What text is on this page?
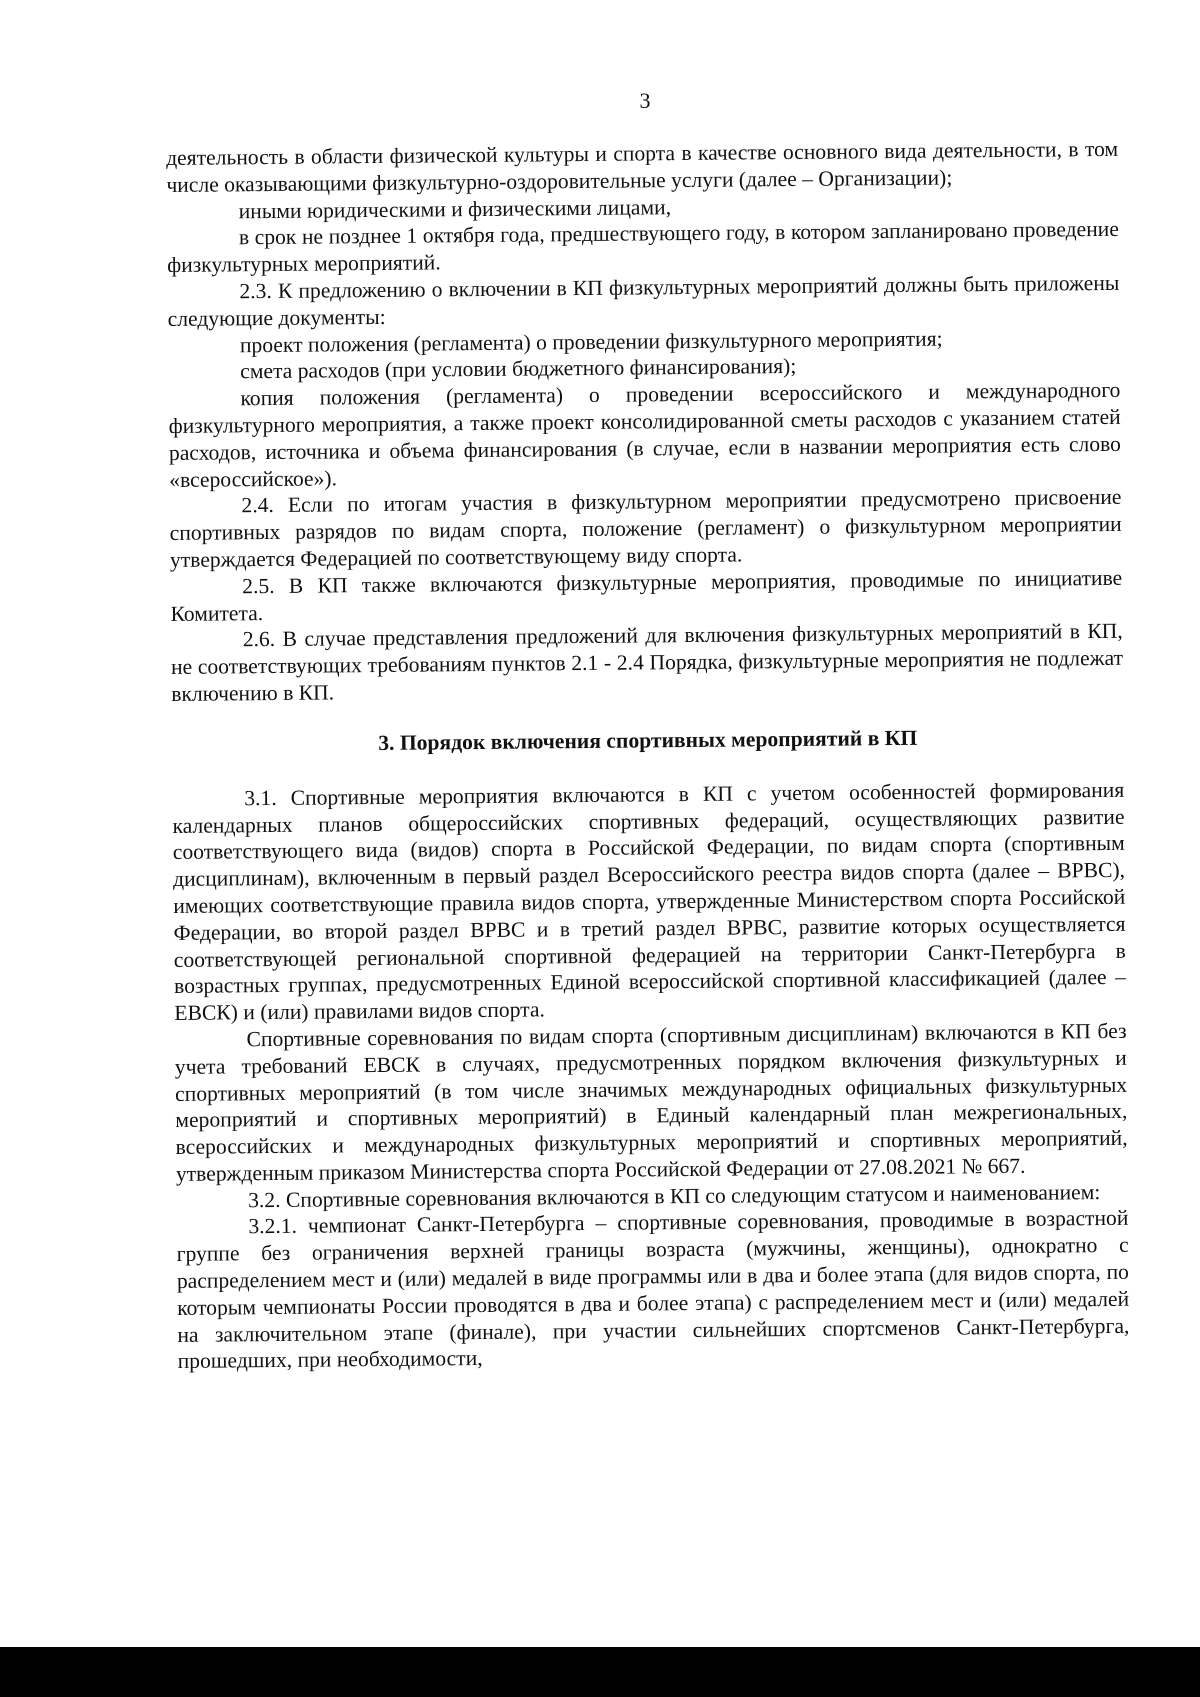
3

деятельность в области физической культуры и спорта в качестве основного вида деятельности, в том числе оказывающими физкультурно-оздоровительные услуги (далее – Организации);

иными юридическими и физическими лицами,

в срок не позднее 1 октября года, предшествующего году, в котором запланировано проведение физкультурных мероприятий.

2.3. К предложению о включении в КП физкультурных мероприятий должны быть приложены следующие документы:

проект положения (регламента) о проведении физкультурного мероприятия;

смета расходов (при условии бюджетного финансирования);

копия положения (регламента) о проведении всероссийского и международного физкультурного мероприятия, а также проект консолидированной сметы расходов с указанием статей расходов, источника и объема финансирования (в случае, если в названии мероприятия есть слово «всероссийское»).

2.4. Если по итогам участия в физкультурном мероприятии предусмотрено присвоение спортивных разрядов по видам спорта, положение (регламент) о физкультурном мероприятии утверждается Федерацией по соответствующему виду спорта.

2.5. В КП также включаются физкультурные мероприятия, проводимые по инициативе Комитета.

2.6. В случае представления предложений для включения физкультурных мероприятий в КП, не соответствующих требованиям пунктов 2.1 - 2.4 Порядка, физкультурные мероприятия не подлежат включению в КП.

3. Порядок включения спортивных мероприятий в КП

3.1. Спортивные мероприятия включаются в КП с учетом особенностей формирования календарных планов общероссийских спортивных федераций, осуществляющих развитие соответствующего вида (видов) спорта в Российской Федерации, по видам спорта (спортивным дисциплинам), включенным в первый раздел Всероссийского реестра видов спорта (далее – ВРВС), имеющих соответствующие правила видов спорта, утвержденные Министерством спорта Российской Федерации, во второй раздел ВРВС и в третий раздел ВРВС, развитие которых осуществляется соответствующей региональной спортивной федерацией на территории Санкт-Петербурга в возрастных группах, предусмотренных Единой всероссийской спортивной классификацией (далее – ЕВСК) и (или) правилами видов спорта.

Спортивные соревнования по видам спорта (спортивным дисциплинам) включаются в КП без учета требований ЕВСК в случаях, предусмотренных порядком включения физкультурных и спортивных мероприятий (в том числе значимых международных официальных физкультурных мероприятий и спортивных мероприятий) в Единый календарный план межрегиональных, всероссийских и международных физкультурных мероприятий и спортивных мероприятий, утвержденным приказом Министерства спорта Российской Федерации от 27.08.2021 № 667.

3.2. Спортивные соревнования включаются в КП со следующим статусом и наименованием:

3.2.1. чемпионат Санкт-Петербурга – спортивные соревнования, проводимые в возрастной группе без ограничения верхней границы возраста (мужчины, женщины), однократно с распределением мест и (или) медалей в виде программы или в два и более этапа (для видов спорта, по которым чемпионаты России проводятся в два и более этапа) с распределением мест и (или) медалей на заключительном этапе (финале), при участии сильнейших спортсменов Санкт-Петербурга, прошедших, при необходимости,
